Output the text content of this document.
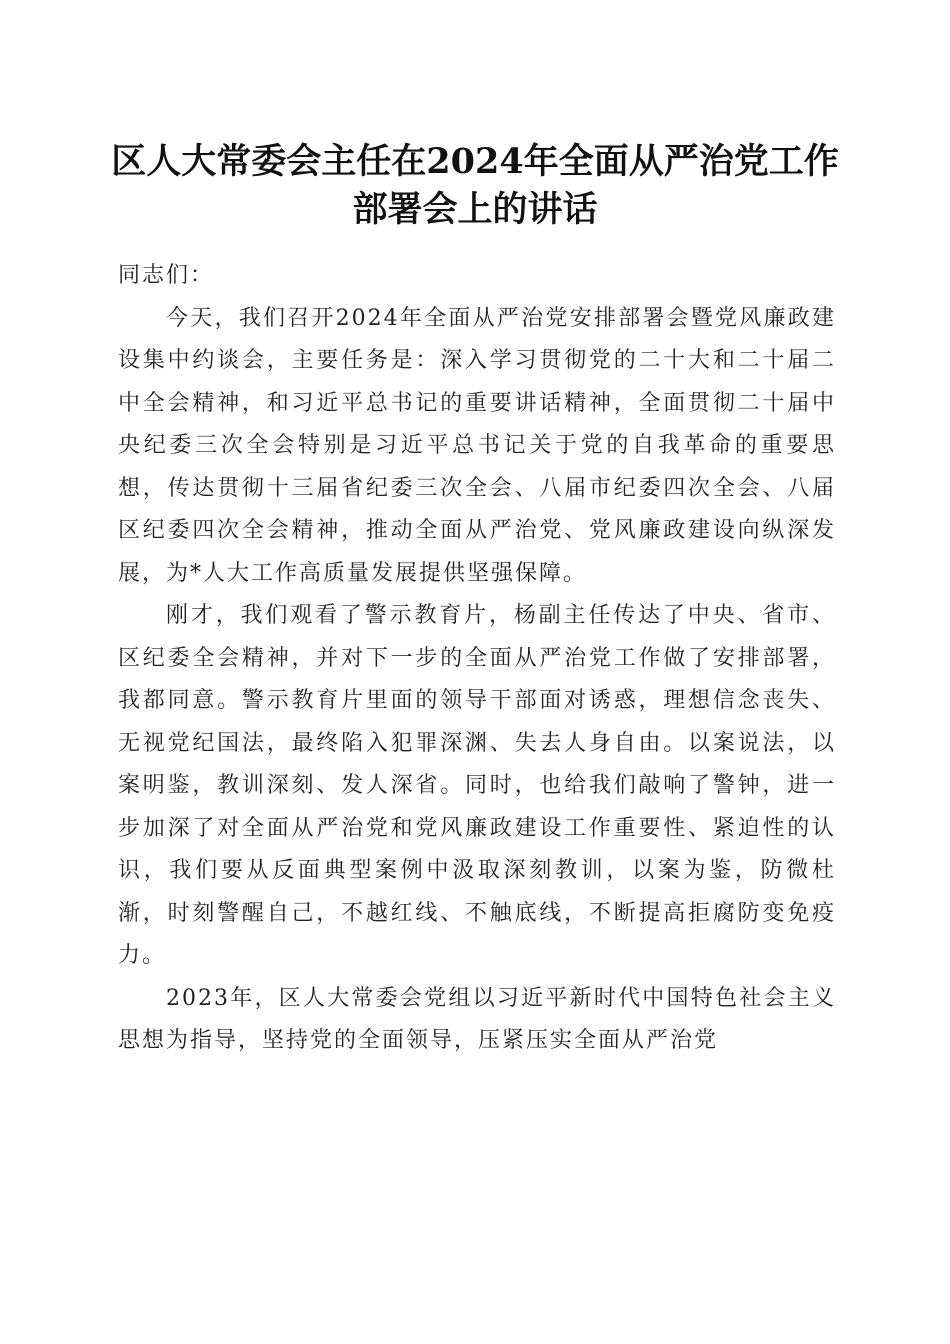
区人大常委会主任在2024年全面从严治党工作部署会上的讲话

同志们：

今天，我们召开2024年全面从严治党安排部署会暨党风廉政建设集中约谈会，主要任务是：深入学习贯彻党的二十大和二十届二中全会精神，和习近平总书记的重要讲话精神，全面贯彻二十届中央纪委三次全会特别是习近平总书记关于党的自我革命的重要思想，传达贯彻十三届省纪委三次全会、八届市纪委四次全会、八届区纪委四次全会精神，推动全面从严治党、党风廉政建设向纵深发展，为*人大工作高质量发展提供坚强保障。

刚才，我们观看了警示教育片，杨副主任传达了中央、省市、区纪委全会精神，并对下一步的全面从严治党工作做了安排部署，我都同意。警示教育片里面的领导干部面对诱惑，理想信念丧失、无视党纪国法，最终陷入犯罪深渊、失去人身自由。以案说法，以案明鉴，教训深刻、发人深省。同时，也给我们敲响了警钟，进一步加深了对全面从严治党和党风廉政建设工作重要性、紧迫性的认识，我们要从反面典型案例中汲取深刻教训，以案为鉴，防微杜渐，时刻警醒自己，不越红线、不触底线，不断提高拒腐防变免疫力。

2023年，区人大常委会党组以习近平新时代中国特色社会主义思想为指导，坚持党的全面领导，压紧压实全面从严治党
